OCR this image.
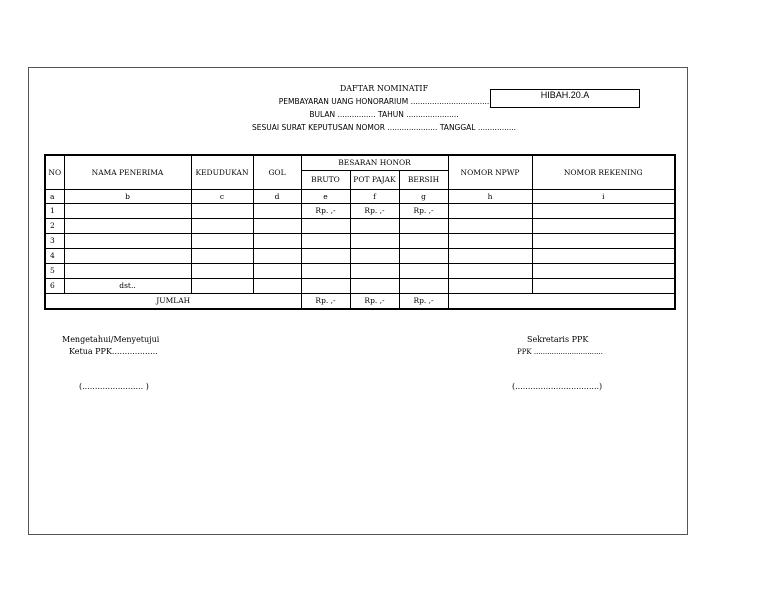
DAFTAR NOMINATIF
PEMBAYARAN UANG HONORARIUM .................................
BULAN ................ TAHUN ......................
SESUAI SURAT KEPUTUSAN NOMOR ..................... TANGGAL ................
HIBAH.20.A
NO	NAMA PENERIMA	KEDUDUKAN	GOL	BESARAN HONOR			NOMOR NPWP	NOMOR REKENING
				BRUTO	POT PAJAK	BERSIH		
a	b	c	d	e	f	g	h	i
1				Rp. ,-	Rp. ,-	Rp. ,-		
2								
3								
4								
5								
6	dst..							
JUMLAH				Rp. ,-	Rp. ,-	Rp. ,-		
Mengetahui/Menyetujui
Ketua PPK..................
(........................ )
Sekretaris PPK
PPK ...............................
(.................................)
